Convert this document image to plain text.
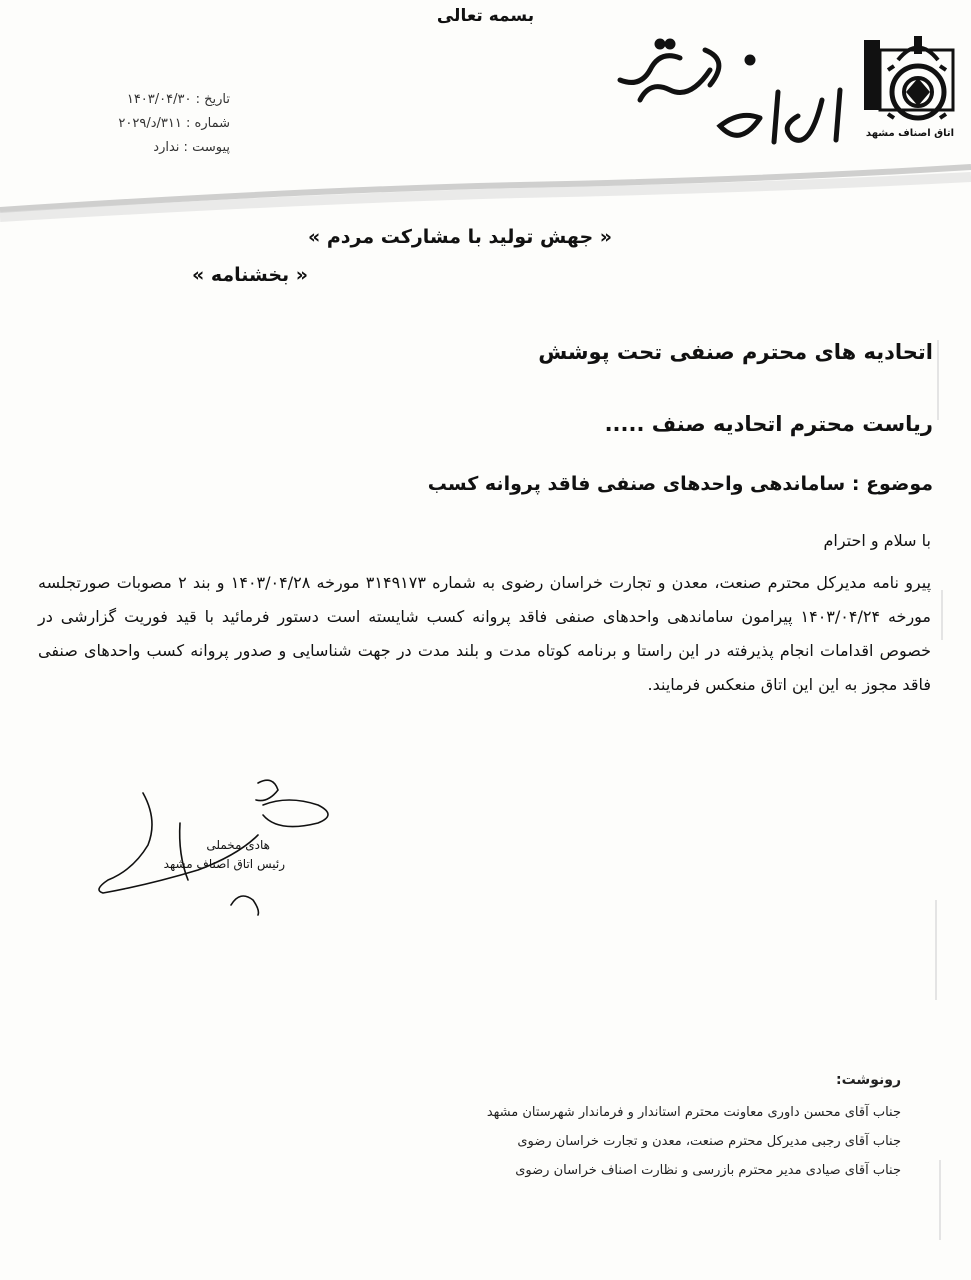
بسمه تعالی
اتاق اصناف مشهد
تاریخ : ۱۴۰۳/۰۴/۳۰
شماره : ۳۱۱/د/۲۰۲۹
پیوست : ندارد
« جهش تولید با مشارکت مردم »
« بخشنامه »
اتحادیه های محترم صنفی تحت پوشش
ریاست محترم اتحادیه صنف .....
موضوع : ساماندهی واحدهای صنفی فاقد پروانه کسب
با سلام و احترام
پیرو نامه مدیرکل محترم صنعت، معدن و تجارت خراسان رضوی به شماره ۳۱۴۹۱۷۳ مورخه ۱۴۰۳/۰۴/۲۸ و بند ۲ مصوبات صورتجلسه مورخه ۱۴۰۳/۰۴/۲۴ پیرامون ساماندهی واحدهای صنفی فاقد پروانه کسب شایسته است دستور فرمائید با قید فوریت گزارشی در خصوص اقدامات انجام پذیرفته در این راستا و برنامه کوتاه مدت و بلند مدت در جهت شناسایی و صدور پروانه کسب واحدهای صنفی فاقد مجوز به این این اتاق منعکس فرمایند.
هادی مخملی
رئیس اتاق اصناف مشهد
رونوشت:
جناب آقای محسن داوری معاونت محترم استاندار و فرماندار شهرستان مشهد
جناب آقای رجبی مدیرکل محترم صنعت، معدن و تجارت خراسان رضوی
جناب آقای صیادی مدیر محترم بازرسی و نظارت اصناف خراسان رضوی
